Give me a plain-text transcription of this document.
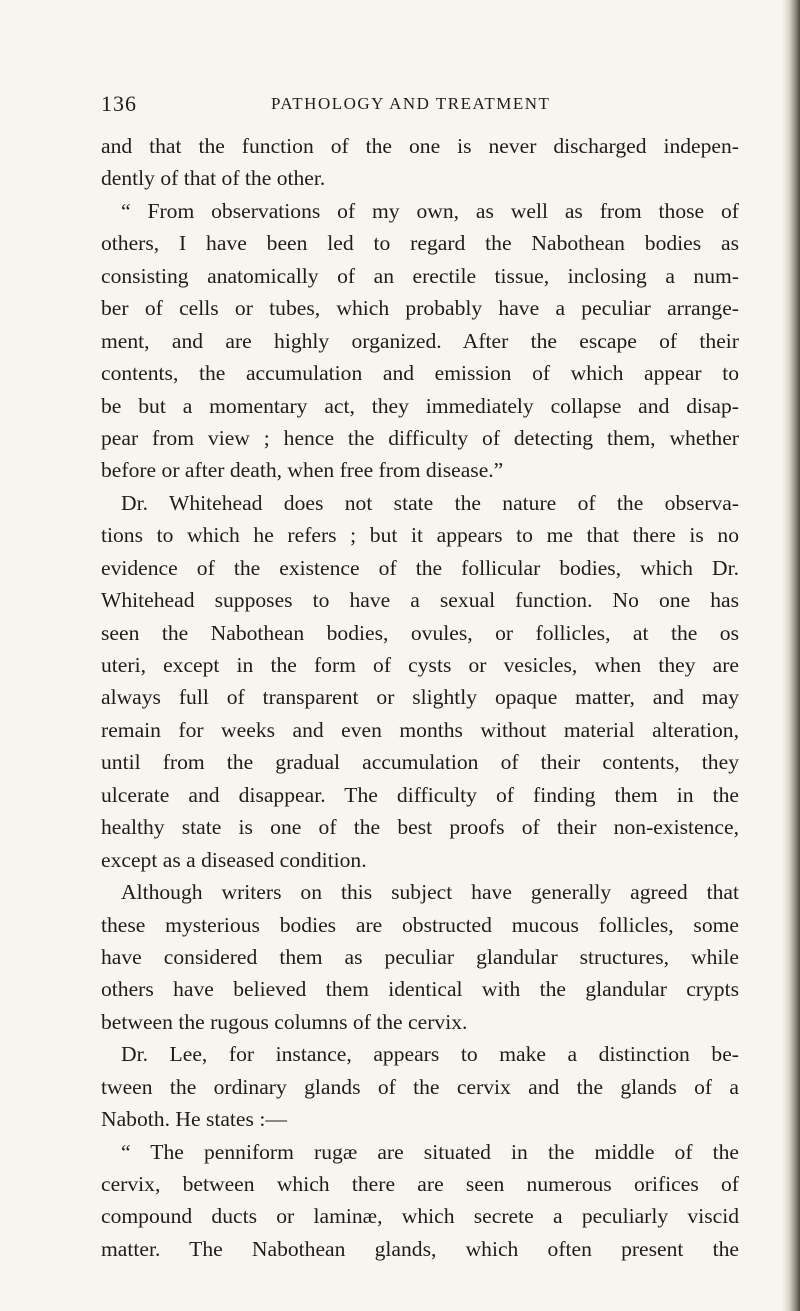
136	PATHOLOGY AND TREATMENT
and that the function of the one is never discharged indepen-
dently of that of the other.
“ From observations of my own, as well as from those of
others, I have been led to regard the Nabothean bodies as
consisting anatomically of an erectile tissue, inclosing a num-
ber of cells or tubes, which probably have a peculiar arrange-
ment, and are highly organized. After the escape of their
contents, the accumulation and emission of which appear to
be but a momentary act, they immediately collapse and disap-
pear from view ; hence the difficulty of detecting them, whether
before or after death, when free from disease.”
Dr. Whitehead does not state the nature of the observa-
tions to which he refers ; but it appears to me that there is no
evidence of the existence of the follicular bodies, which Dr.
Whitehead supposes to have a sexual function. No one has
seen the Nabothean bodies, ovules, or follicles, at the os
uteri, except in the form of cysts or vesicles, when they are
always full of transparent or slightly opaque matter, and may
remain for weeks and even months without material alteration,
until from the gradual accumulation of their contents, they
ulcerate and disappear. The difficulty of finding them in the
healthy state is one of the best proofs of their non-existence,
except as a diseased condition.
Although writers on this subject have generally agreed that
these mysterious bodies are obstructed mucous follicles, some
have considered them as peculiar glandular structures, while
others have believed them identical with the glandular crypts
between the rugous columns of the cervix.
Dr. Lee, for instance, appears to make a distinction be-
tween the ordinary glands of the cervix and the glands of a
Naboth. He states :—
“ The penniform rugæ are situated in the middle of the
cervix, between which there are seen numerous orifices of
compound ducts or laminæ, which secrete a peculiarly viscid
matter. The Nabothean glands, which often present the
